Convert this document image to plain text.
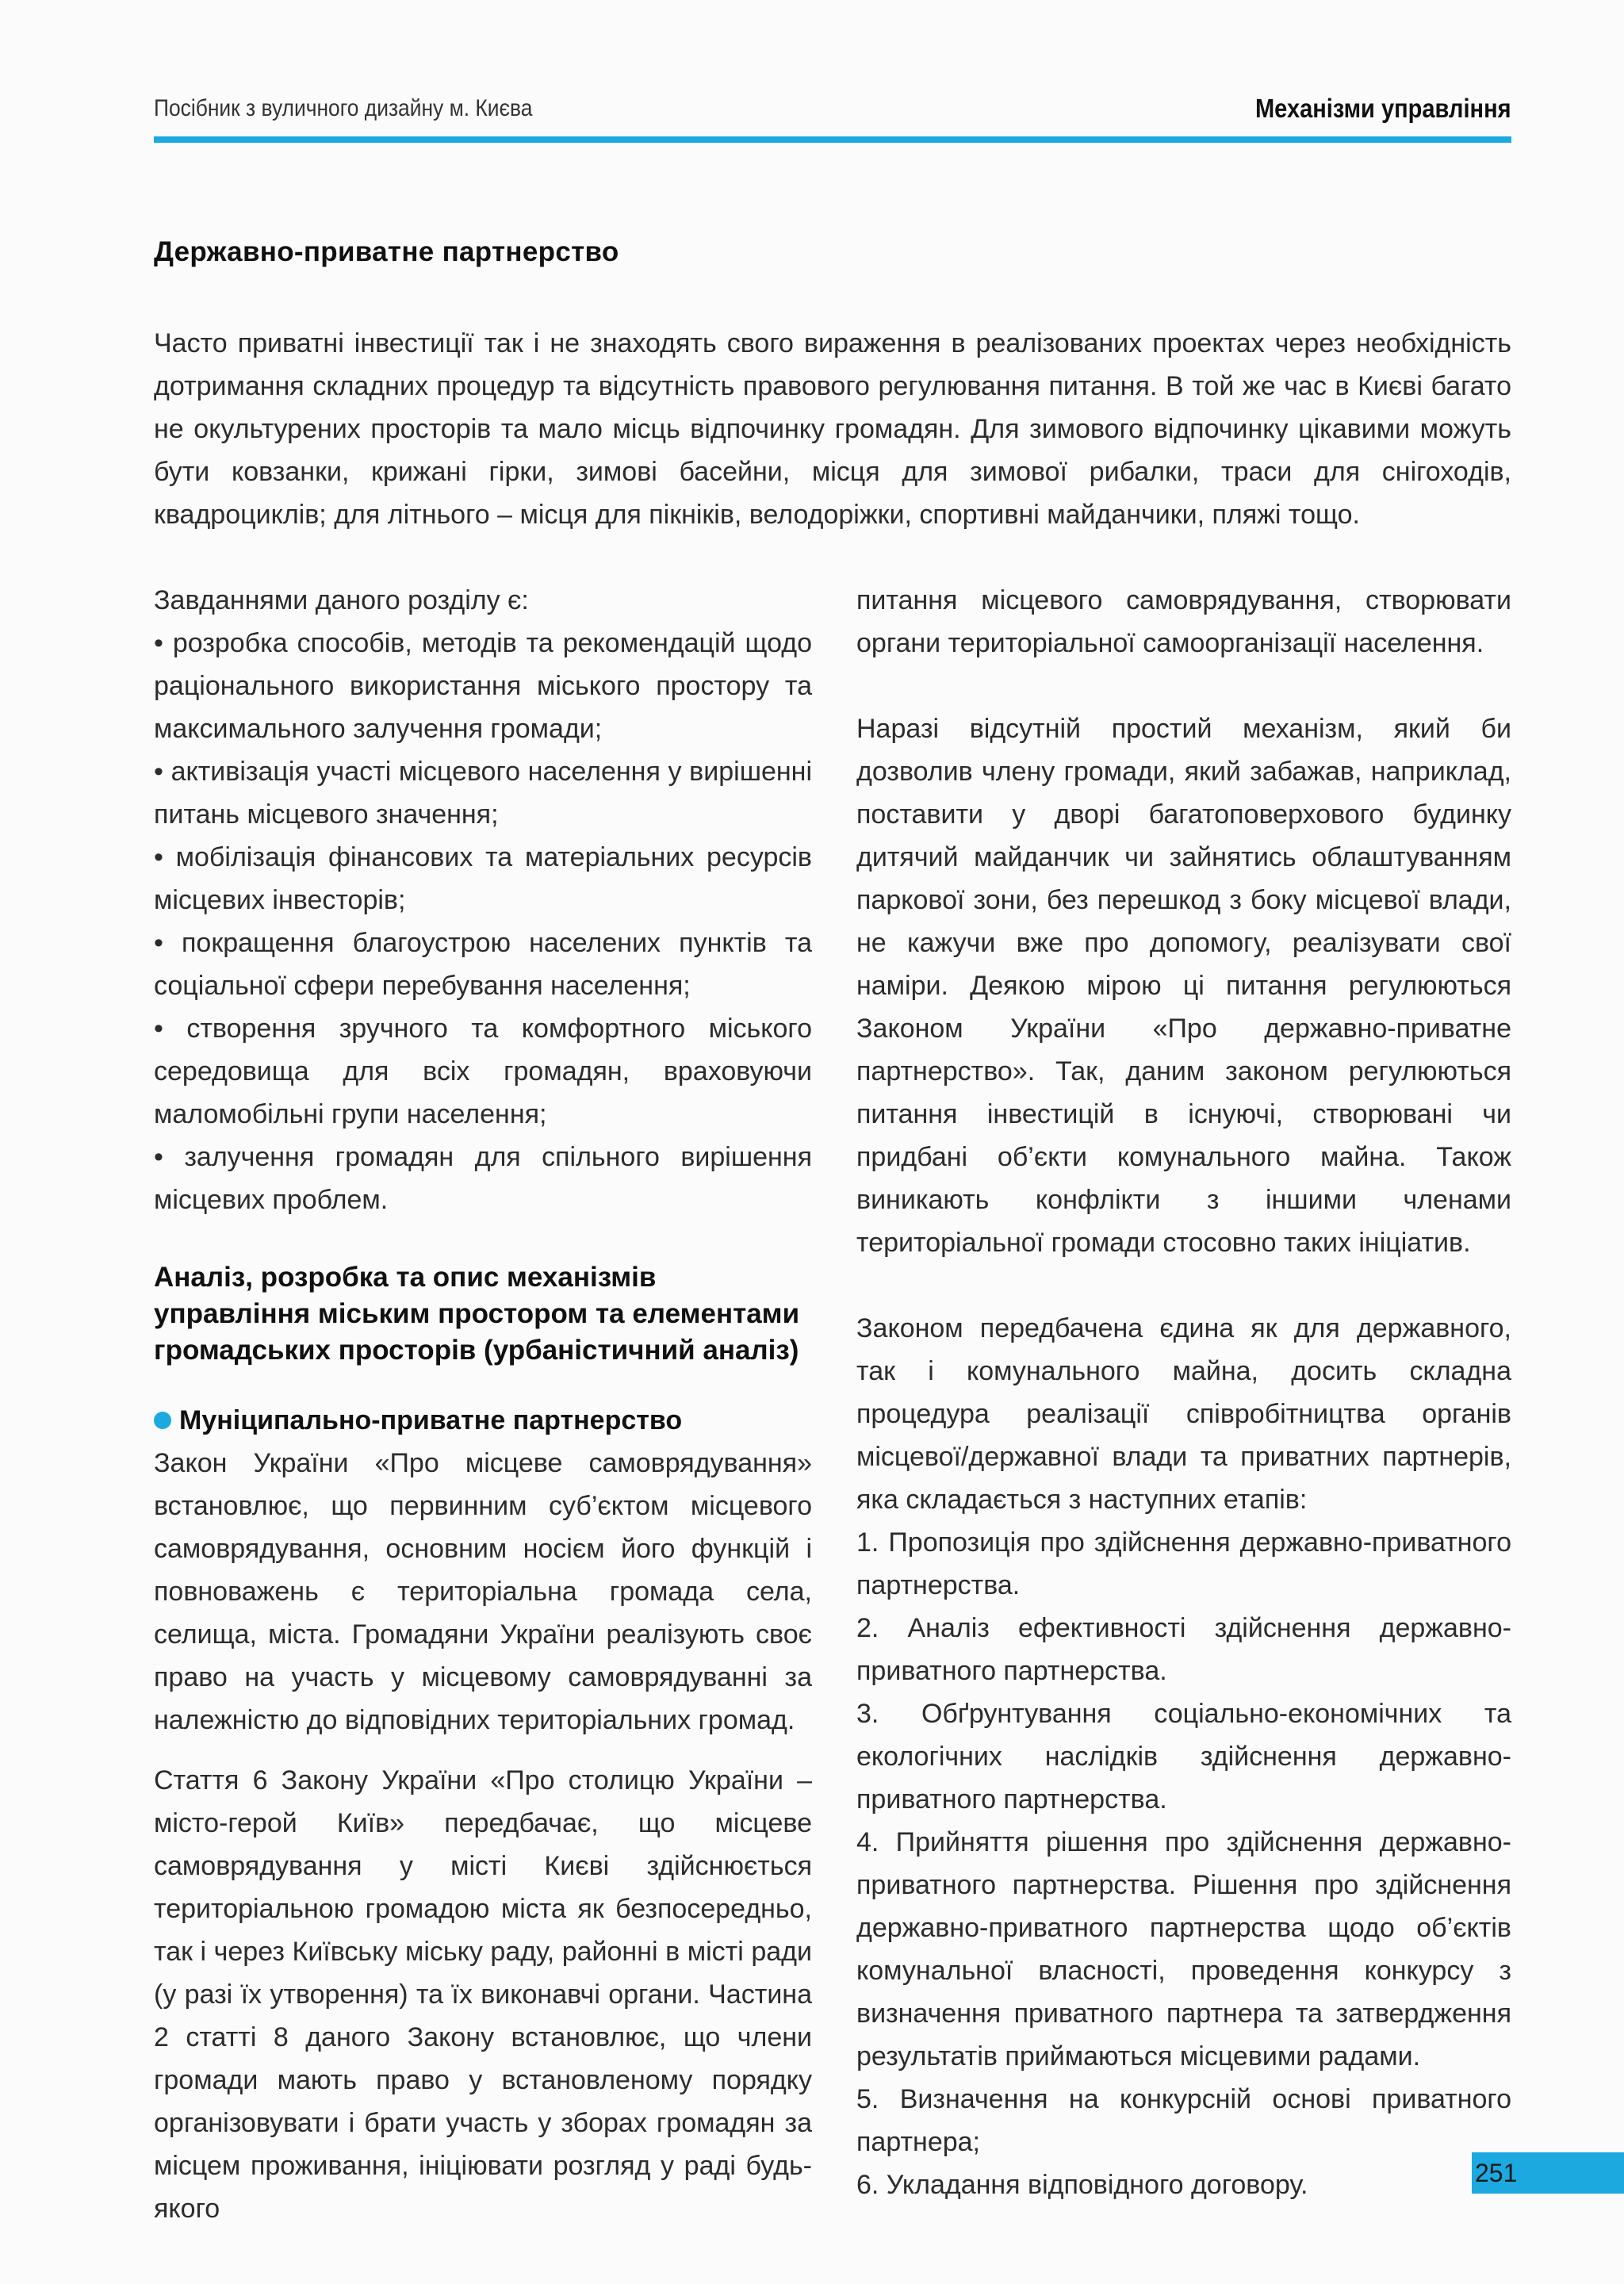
Посібник з вуличного дизайну м. Києва	Механізми управління
Державно-приватне партнерство

Часто приватні інвестиції так і не знаходять свого вираження в реалізованих проектах через необхідність дотримання складних процедур та відсутність правового регулювання питання. В той же час в Києві багато не окультурених просторів та мало місць відпочинку громадян. Для зимового відпочинку цікавими можуть бути ковзанки, крижані гірки, зимові басейни, місця для зимової рибалки, траси для снігоходів, квадроциклів; для літнього – місця для пікніків, велодоріжки, спортивні майданчики, пляжі тощо.

Завданнями даного розділу є:

• розробка способів, методів та рекомендацій щодо раціонального використання міського простору та максимального залучення громади;

• активізація участі місцевого населення у вирішенні питань місцевого значення;

• мобілізація фінансових та матеріальних ресурсів місцевих інвесторів;

• покращення благоустрою населених пунктів та соціальної сфери перебування населення;

• створення зручного та комфортного міського середовища для всіх громадян, враховуючи маломобільні групи населення;

• залучення громадян для спільного вирішення місцевих проблем.

Аналіз, розробка та опис механізмів управління міським простором та елементами громадських просторів (урбаністичний аналіз)

Муніципально-приватне партнерство

Закон України «Про місцеве самоврядування» встановлює, що первинним суб’єктом місцевого самоврядування, основним носієм його функцій і повноважень є територіальна громада села, селища, міста. Громадяни України реалізують своє право на участь у місцевому самоврядуванні за належністю до відповідних територіальних громад.

Стаття 6 Закону України «Про столицю України – місто-герой Київ» передбачає, що місцеве самоврядування у місті Києві здійснюється територіальною громадою міста як безпосередньо, так і через Київську міську раду, районні в місті ради (у разі їх утворення) та їх виконавчі органи. Частина 2 статті 8 даного Закону встановлює, що члени громади мають право у встановленому порядку організовувати і брати участь у зборах громадян за місцем проживання, ініціювати розгляд у раді будь-якого

питання місцевого самоврядування, створювати органи територіальної самоорганізації населення.

Наразі відсутній простий механізм, який би дозволив члену громади, який забажав, наприклад, поставити у дворі багатоповерхового будинку дитячий майданчик чи зайнятись облаштуванням паркової зони, без перешкод з боку місцевої влади, не кажучи вже про допомогу, реалізувати свої наміри. Деякою мірою ці питання регулюються Законом України «Про державно-приватне партнерство». Так, даним законом регулюються питання інвестицій в існуючі, створювані чи придбані об’єкти комунального майна. Також виникають конфлікти з іншими членами територіальної громади стосовно таких ініціатив.

Законом передбачена єдина як для державного, так і комунального майна, досить складна процедура реалізації співробітництва органів місцевої/державної влади та приватних партнерів, яка складається з наступних етапів:

1. Пропозиція про здійснення державно-приватного партнерства.

2. Аналіз ефективності здійснення державно-приватного партнерства.

3. Обґрунтування соціально-економічних та екологічних наслідків здійснення державно-приватного партнерства.

4. Прийняття рішення про здійснення державно-приватного партнерства. Рішення про здійснення державно-приватного партнерства щодо об’єктів комунальної власності, проведення конкурсу з визначення приватного партнера та затвердження результатів приймаються місцевими радами.

5. Визначення на конкурсній основі приватного партнера;

6. Укладання відповідного договору.	251
